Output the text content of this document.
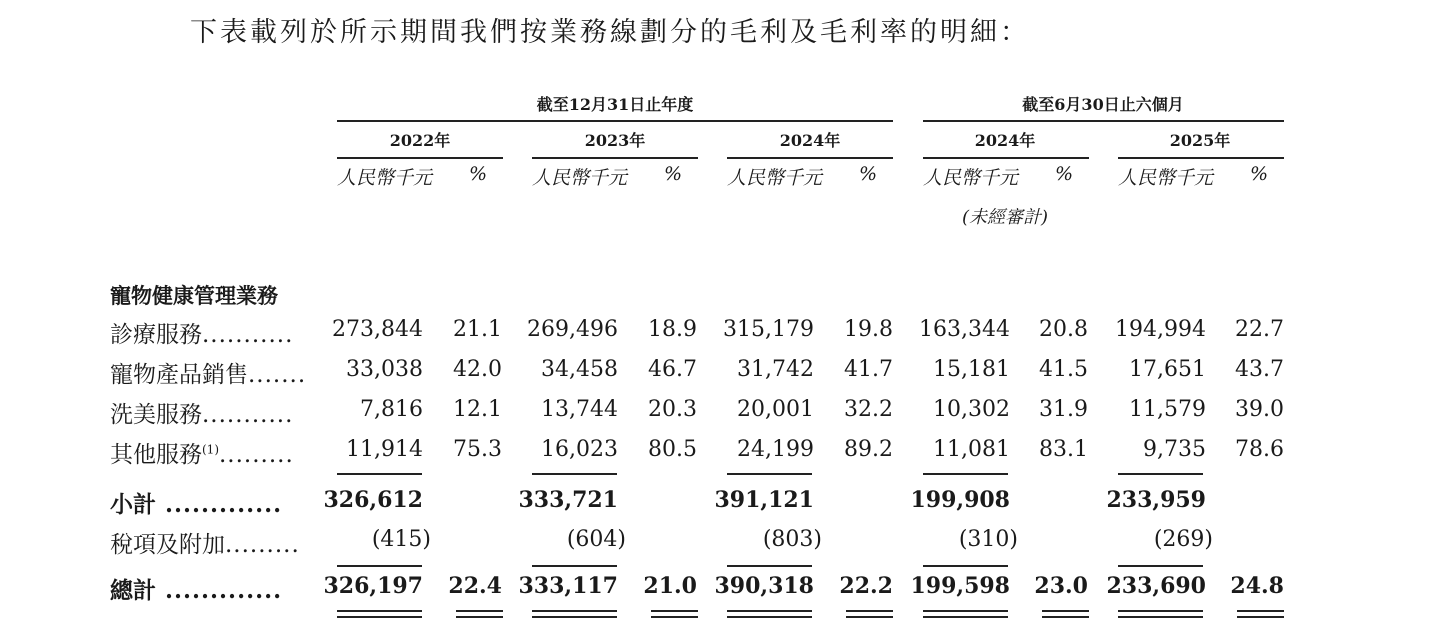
下表載列於所示期間我們按業務線劃分的毛利及毛利率的明細：
截至12月31日止年度	截至6月30日止六個月
2022年	2023年	2024年	2024年	2025年
人民幣千元 % 人民幣千元 % 人民幣千元 % 人民幣千元 % 人民幣千元 %
(未經審計)
寵物健康管理業務
診療服務........... 273,844 21.1 269,496 18.9 315,179 19.8 163,344 20.8 194,994 22.7
寵物產品銷售....... 33,038 42.0 34,458 46.7 31,742 41.7 15,181 41.5 17,651 43.7
洗美服務...........	7,816 12.1 13,744 20.3 20,001 32.2 10,302 31.9 11,579 39.0
其他服務$^{(1)}$......... 11,914 75.3 16,023 80.5 24,199 89.2 11,081 83.1	9,735 78.6
小計 ............. 326,612	333,721	391,121	199,908	233,959
稅項及附加.........	(415)	(604)	(803)	(310)	(269)
總計 ............. 326,197 22.4 333,117 21.0 390,318 22.2 199,598 23.0 233,690 24.8
